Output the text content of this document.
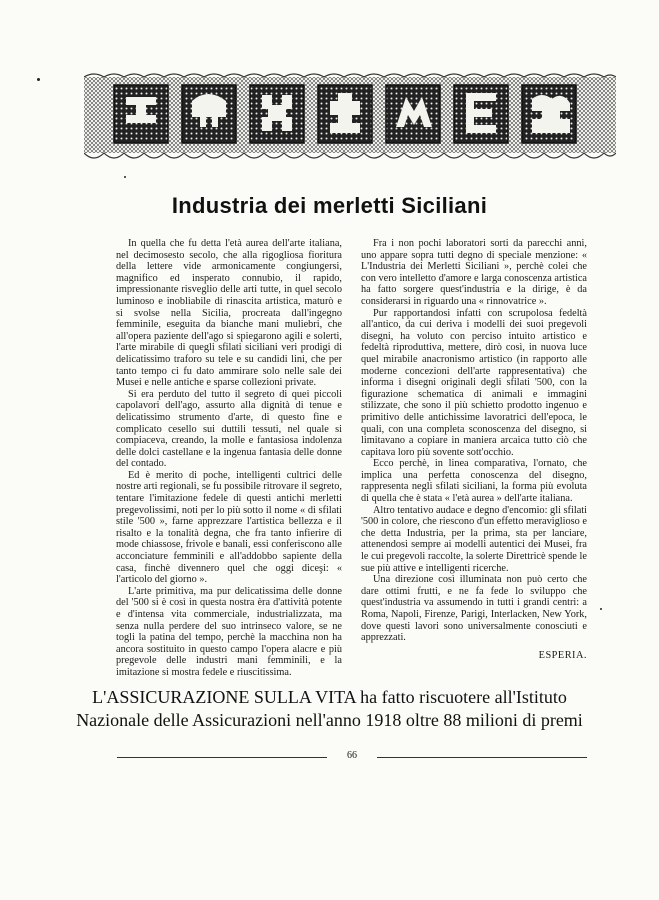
Industria dei merletti Siciliani

In quella che fu detta l'età aurea dell'arte italiana, nel decimosesto secolo, che alla rigogliosa fioritura della lettere vide armonicamente congiungersi, magnifico ed insperato connubio, il rapido, impressionante risveglio delle arti tutte, in quel secolo luminoso e inobliabile di rinascita artistica, maturò e si svolse nella Sicilia, procreata dall'ingegno femminile, eseguita da bianche mani muliebri, che all'opera paziente dell'ago si spiegarono agili e solerti, l'arte mirabile di quegli sfilati siciliani veri prodigi di delicatissimo traforo su tele e su candidi lini, che per tanto tempo ci fu dato ammirare solo nelle sale dei Musei e nelle antiche e sparse collezioni private.

Si era perduto del tutto il segreto di quei piccoli capolavori dell'ago, assurto alla dignità di tenue e delicatissimo strumento d'arte, di questo fine e complicato cesello sui duttili tessuti, nel quale si compiaceva, creando, la molle e fantasiosa indolenza delle dolci castellane e la ingenua fantasia delle donne del contado.

Ed è merito di poche, intelligenti cultrici delle nostre arti regionali, se fu possibile ritrovare il segreto, tentare l'imitazione fedele di questi antichi merletti pregevolissimi, noti per lo più sotto il nome « di sfilati stile '500 », farne apprezzare l'artistica bellezza e il risalto e la tonalità degna, che fra tanto infierire di mode chiassose, frivole e banali, essi conferiscono alle acconciature femminili e all'addobbo sapiente della casa, finchè divennero quel che oggi diceşi: « l'articolo del giorno ».

L'arte primitiva, ma pur delicatissima delle donne del '500 si è così in questa nostra èra d'attività potente e d'intensa vita commerciale, industrializzata, ma senza nulla perdere del suo intrinseco valore, se ne togli la patina del tempo, perchè la macchina non ha ancora sostituito in questo campo l'opera alacre e più pregevole delle industri mani femminili, e la imitazione si mostra fedele e riuscitissima.

Fra i non pochi laboratori sorti da parecchi anni, uno appare sopra tutti degno di speciale menzione: « L'Industria dei Merletti Siciliani », perchè colei che con vero intelletto d'amore e larga conoscenza artistica ha fatto sorgere quest'industria e la dirige, è da considerarsi in riguardo una « rinnovatrice ».

Pur rapportandosi infatti con scrupolosa fedeltà all'antico, da cui deriva i modelli dei suoi pregevoli disegni, ha voluto con perciso intuito artistico e fedeltà riproduttiva, mettere, dirò così, in nuova luce quel mirabile anacronismo artistico (in rapporto alle moderne concezioni dell'arte rappresentativa) che informa i disegni originali degli sfilati '500, con la figurazione schematica di animali e immagini stilizzate, che sono il più schietto prodotto ingenuo e primitivo delle antichissime lavoratrici dell'epoca, le quali, con una completa sconoscenza del disegno, si limitavano a copiare in maniera arcaica tutto ciò che capitava loro più sovente sott'occhio.

Ecco perchè, in linea comparativa, l'ornato, che implica una perfetta conoscenza del disegno, rappresenta negli sfilati siciliani, la forma più evoluta di quella che è stata « l'età aurea » dell'arte italiana.

Altro tentativo audace e degno d'encomio: gli sfilati '500 in colore, che riescono d'un effetto meraviglioso e che detta Industria, per la prima, sta per lanciare, attenendosi sempre ai modelli autentici dei Musei, fra le cui pregevoli raccolte, la solerte Direttricè spende le sue più attive e intelligenti ricerche.

Una direzione così illuminata non può certo che dare ottimi frutti, e ne fa fede lo sviluppo che quest'industria va assumendo in tutti i grandi centri: a Roma, Napoli, Firenze, Parigi, Interlacken, New York, dove questi lavori sono universalmente conosciuti e apprezzati.

ESPERIA.
L'ASSICURAZIONE SULLA VITA ha fatto riscuotere all'Istituto
Nazionale delle Assicurazioni nell'anno 1918 oltre 88 milioni di premi
66
